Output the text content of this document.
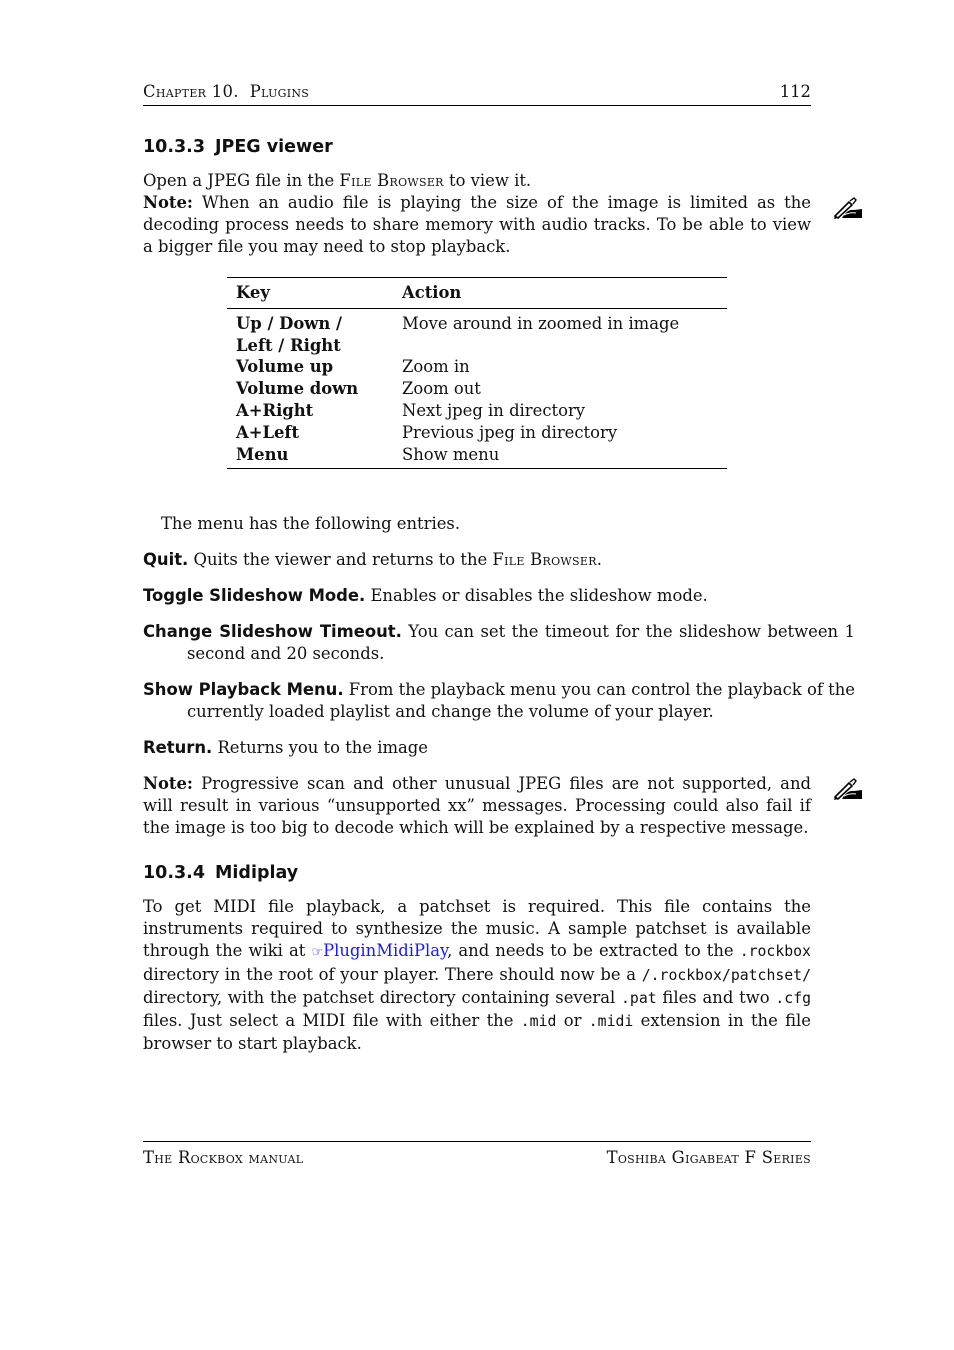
Chapter 10. Plugins	112
10.3.3 JPEG viewer
Open a JPEG file in the File Browser to view it.
Note: When an audio file is playing the size of the image is limited as the decoding process needs to share memory with audio tracks. To be able to view a bigger file you may need to stop playback.
Key	Action
Up / Down / Left / Right	Move around in zoomed in image
Volume up	Zoom in
Volume down	Zoom out
A+Right	Next jpeg in directory
A+Left	Previous jpeg in directory
Menu	Show menu
The menu has the following entries.
Quit. Quits the viewer and returns to the File Browser.
Toggle Slideshow Mode. Enables or disables the slideshow mode.
Change Slideshow Timeout. You can set the timeout for the slideshow between 1 second and 20 seconds.
Show Playback Menu. From the playback menu you can control the playback of the currently loaded playlist and change the volume of your player.
Return. Returns you to the image
Note: Progressive scan and other unusual JPEG files are not supported, and will result in various “unsupported xx” messages. Processing could also fail if the image is too big to decode which will be explained by a respective message.
10.3.4 Midiplay
To get MIDI file playback, a patchset is required. This file contains the instruments required to synthesize the music. A sample patchset is available through the wiki at ☞PluginMidiPlay, and needs to be extracted to the .rockbox directory in the root of your player. There should now be a /.rockbox/patchset/ directory, with the patchset directory containing several .pat files and two .cfg files. Just select a MIDI file with either the .mid or .midi extension in the file browser to start playback.
The Rockbox manual	Toshiba Gigabeat F Series
